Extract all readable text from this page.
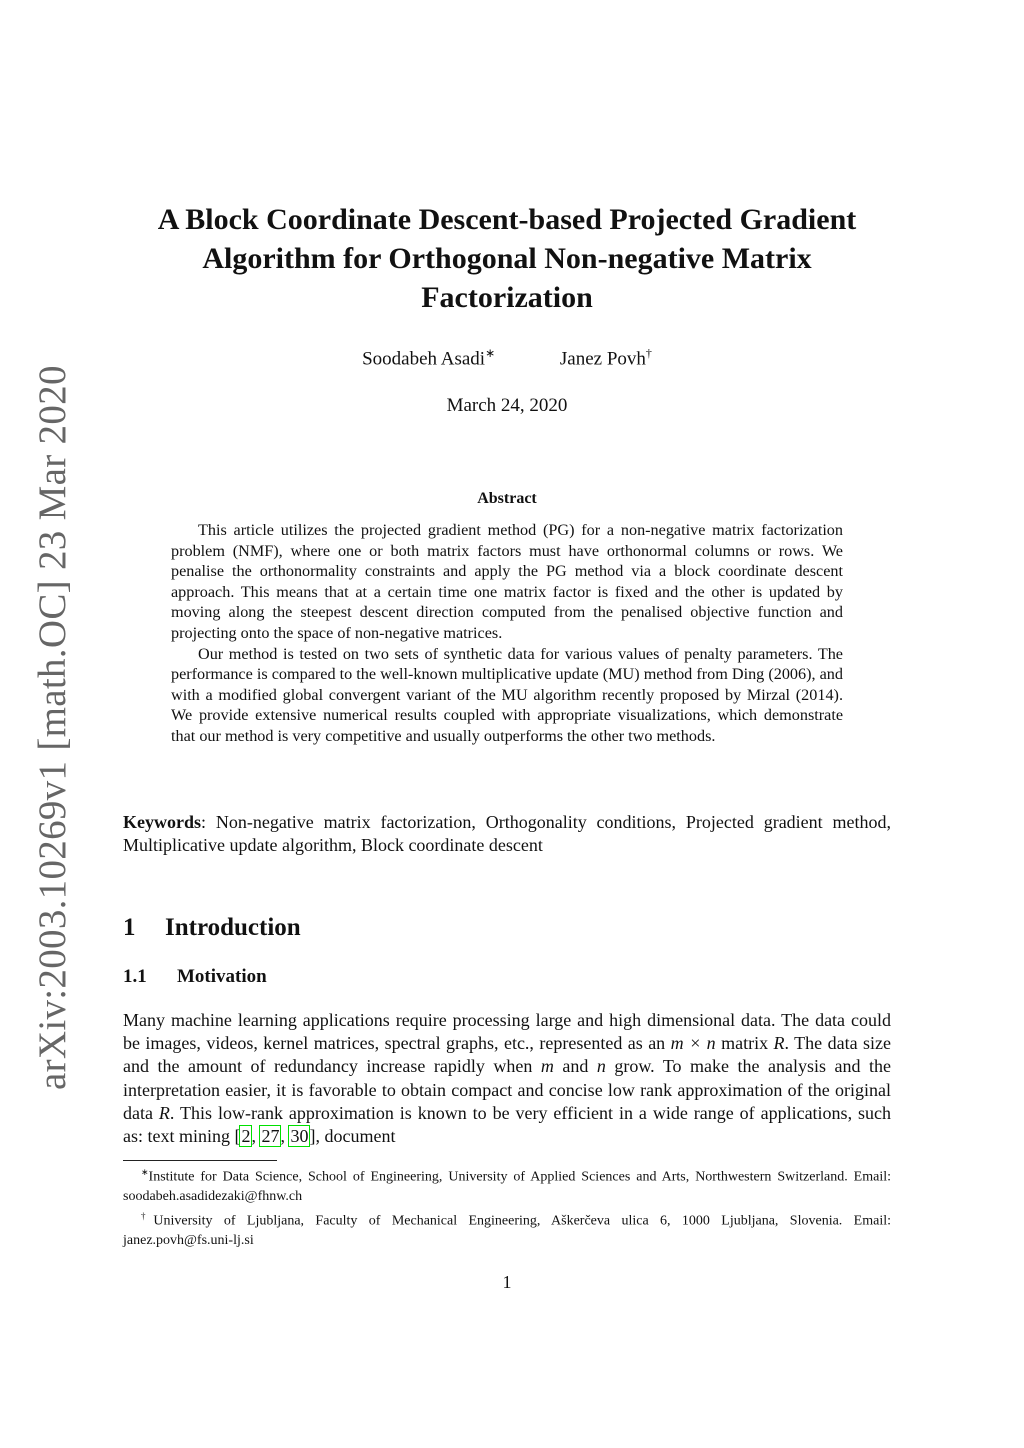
arXiv:2003.10269v1 [math.OC] 23 Mar 2020
A Block Coordinate Descent-based Projected Gradient Algorithm for Orthogonal Non-negative Matrix Factorization
Soodabeh Asadi∗	Janez Povh†
March 24, 2020
Abstract

This article utilizes the projected gradient method (PG) for a non-negative matrix factorization problem (NMF), where one or both matrix factors must have orthonormal columns or rows. We penalise the orthonormality constraints and apply the PG method via a block coordinate descent approach. This means that at a certain time one matrix factor is fixed and the other is updated by moving along the steepest descent direction computed from the penalised objective function and projecting onto the space of non-negative matrices.

Our method is tested on two sets of synthetic data for various values of penalty parameters. The performance is compared to the well-known multiplicative update (MU) method from Ding (2006), and with a modified global convergent variant of the MU algorithm recently proposed by Mirzal (2014). We provide extensive numerical results coupled with appropriate visualizations, which demonstrate that our method is very competitive and usually outperforms the other two methods.

Keywords: Non-negative matrix factorization, Orthogonality conditions, Projected gradient method, Multiplicative update algorithm, Block coordinate descent
1 Introduction
1.1 Motivation

Many machine learning applications require processing large and high dimensional data. The data could be images, videos, kernel matrices, spectral graphs, etc., represented as an m × n matrix R. The data size and the amount of redundancy increase rapidly when m and n grow. To make the analysis and the interpretation easier, it is favorable to obtain compact and concise low rank approximation of the original data R. This low-rank approximation is known to be very efficient in a wide range of applications, such as: text mining [2, 27, 30], document

∗Institute for Data Science, School of Engineering, University of Applied Sciences and Arts, Northwestern Switzerland. Email: soodabeh.asadidezaki@fhnw.ch

†University of Ljubljana, Faculty of Mechanical Engineering, Aškerčeva ulica 6, 1000 Ljubljana, Slovenia. Email: janez.povh@fs.uni-lj.si

1
